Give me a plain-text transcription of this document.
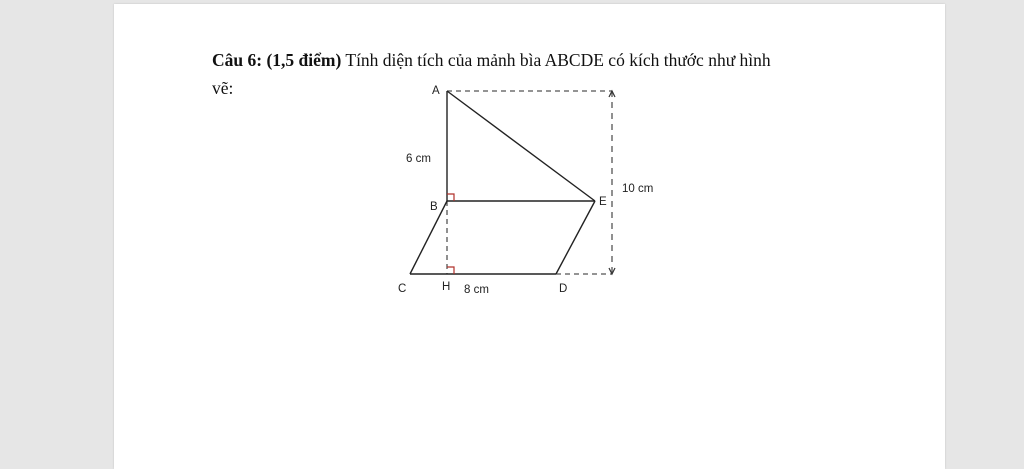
Câu 6: (1,5 điểm) Tính diện tích của mảnh bìa ABCDE có kích thước như hình
vẽ:	A
B
C	H	D
E
6 cm
10 cm
8 cm
